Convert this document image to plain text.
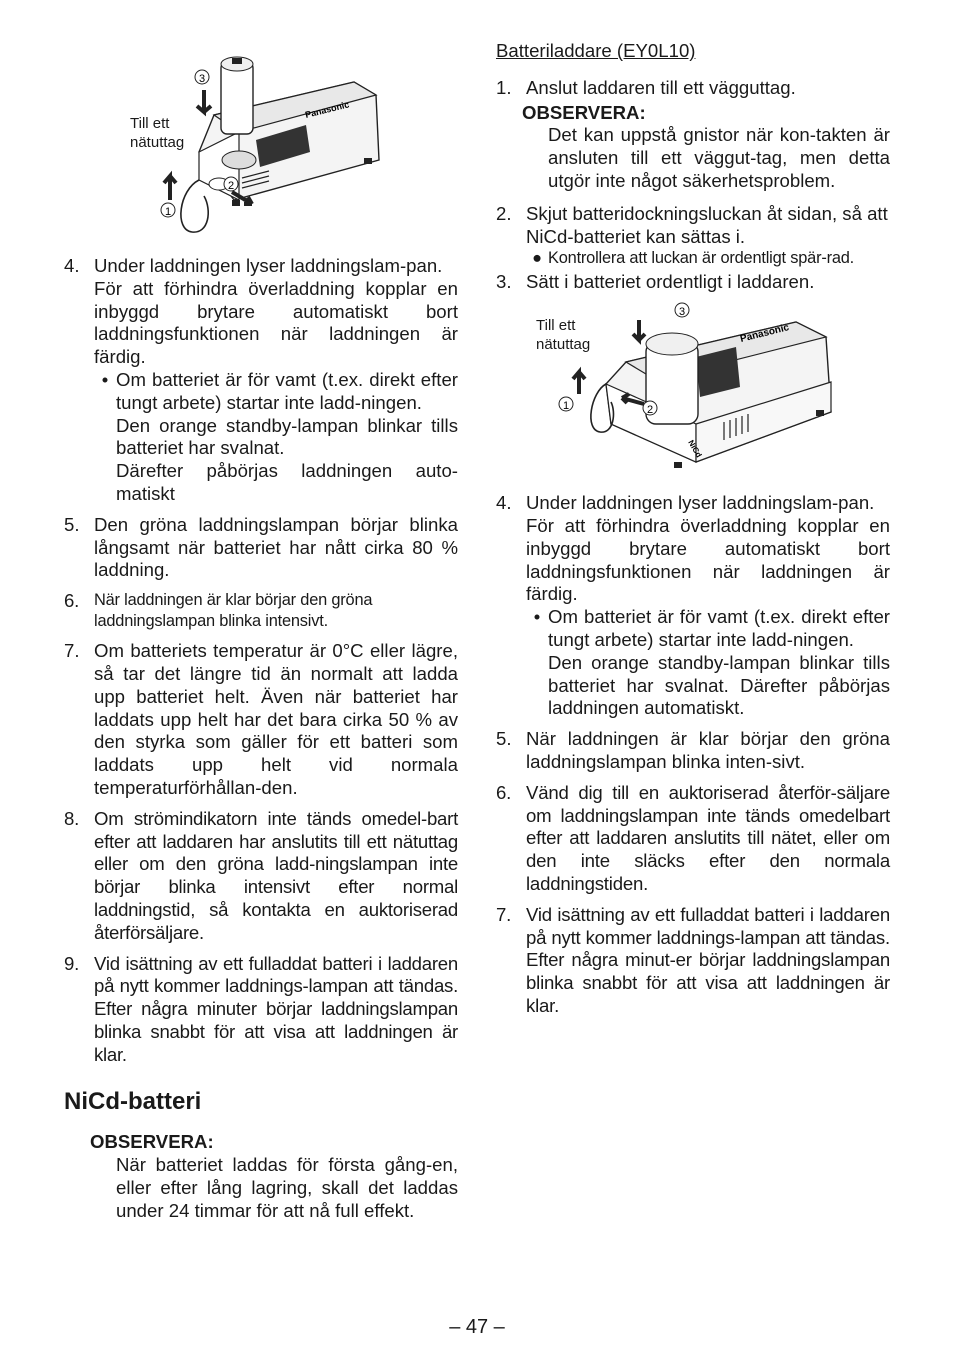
3
2
1
Panasonic
Till ett
nätuttag
4. Under laddningen lyser laddningslam-pan.

För att förhindra överladdning kopplar en inbyggd brytare automatiskt bort laddningsfunktionen när laddningen är färdig.

• Om batteriet är för vamt (t.ex. direkt efter tungt arbete) startar inte ladd-ningen.

Den orange standby-lampan blinkar tills batteriet har svalnat.

Därefter påbörjas laddningen auto-matiskt

5. Den gröna laddningslampan börjar blinka långsamt när batteriet har nått cirka 80 % laddning.
6. När laddningen är klar börjar den gröna laddningslampan blinka intensivt.
7. Om batteriets temperatur är 0°C eller lägre, så tar det längre tid än normalt att ladda upp batteriet helt. Även när batteriet har laddats upp helt har det bara cirka 50 % av den styrka som gäller för ett batteri som laddats upp helt vid normala temperaturförhållan-den.
8. Om strömindikatorn inte tänds omedel-bart efter att laddaren har anslutits till ett nätuttag eller om den gröna ladd-ningslampan inte börjar blinka intensivt efter normal laddningstid, så kontakta en auktoriserad återförsäljare.
9. Vid isättning av ett fulladdat batteri i laddaren på nytt kommer laddnings-lampan att tändas. Efter några minuter börjar laddningslampan blinka snabbt för att visa att laddningen är klar.
NiCd-batteri

OBSERVERA:

När batteriet laddas för första gång-en, eller efter lång lagring, skall det laddas under 24 timmar för att nå full effekt.

Batteriladdare (EY0L10)

1. Anslut laddaren till ett vägguttag.

OBSERVERA:

Det kan uppstå gnistor när kon-takten är ansluten till ett väggut-tag, men detta utgör inte något säkerhetsproblem.

2. Skjut batteridockningsluckan åt sidan, så att NiCd-batteriet kan sättas i.

● Kontrollera att luckan är ordentligt spär-rad.
3. Sätt i batteriet ordentligt i laddaren.
3
2
1
Panasonic
NiCd
Till ett
nätuttag
4. Under laddningen lyser laddningslam-pan.

För att förhindra överladdning kopplar en inbyggd brytare automatiskt bort laddningsfunktionen när laddningen är färdig.

• Om batteriet är för vamt (t.ex. direkt efter tungt arbete) startar inte ladd-ningen.

Den orange standby-lampan blinkar tills batteriet har svalnat. Därefter påbörjas laddningen automatiskt.

5. När laddningen är klar börjar den gröna laddningslampan blinka inten-sivt.
6. Vänd dig till en auktoriserad återför-säljare om laddningslampan inte tänds omedelbart efter att laddaren anslutits till nätet, eller om den inte släcks efter den normala laddningstiden.
7. Vid isättning av ett fulladdat batteri i laddaren på nytt kommer laddnings-lampan att tändas. Efter några minut-er börjar laddningslampan blinka snabbt för att visa att laddningen är klar.
– 47 –
